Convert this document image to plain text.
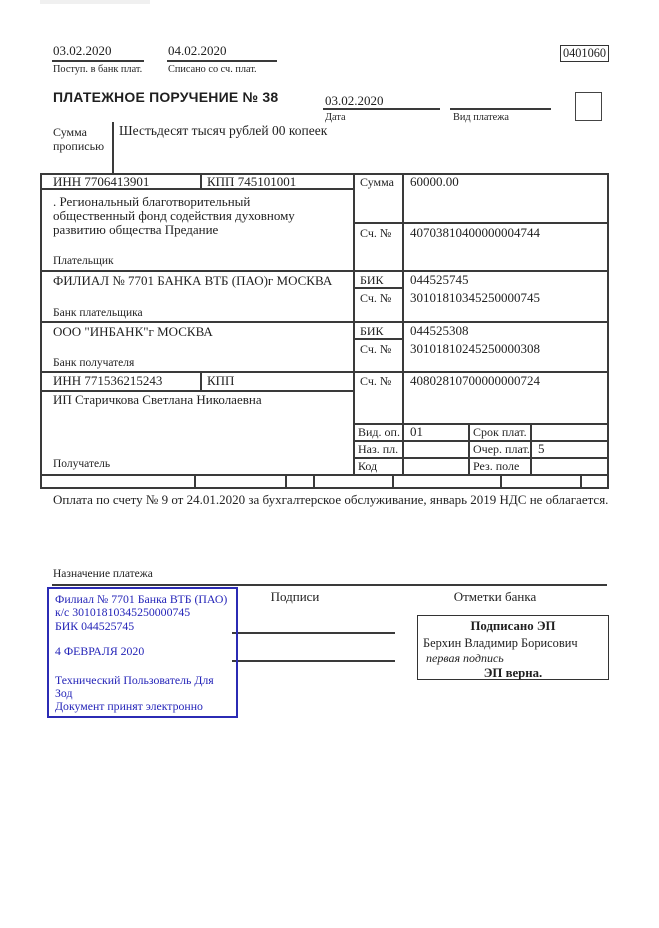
03.02.2020
Поступ. в банк плат.
04.02.2020
Списано со сч. плат.
0401060
ПЛАТЕЖНОЕ ПОРУЧЕНИЕ № 38	03.02.2020
Дата	Вид платежа
Сумма
прописью
Шестьдесят тысяч рублей 00 копеек
ИНН 7706413901	КПП 745101001	Сумма 60000.00
. Региональный благотворительный
общественный фонд содействия духовному
развитию общества Предание	Сч. № 40703810400000004744
Плательщик
ФИЛИАЛ № 7701 БАНКА ВТБ (ПАО)г МОСКВА БИК 044525745
Сч. № 30101810345250000745
Банк плательщика
ООО "ИНБАНК"г МОСКВА	БИК 044525308
Сч. № 30101810245250000308
Банк получателя
ИНН 771536215243	КПП	Сч. № 40802810700000000724
ИП Старичкова Светлана Николаевна
Вид. оп. 01	Срок плат.
Наз. пл.	Очер. плат. 5
Код	Рез. поле
Получатель
Оплата по счету № 9 от 24.01.2020 за бухгалтерское обслуживание, январь 2019 НДС не облагается.
Назначение платежа
Подписи	Отметки банка
Филиал № 7701 Банка ВТБ (ПАО)
к/с 30101810345250000745
БИК 044525745
4 ФЕВРАЛЯ 2020
Технический Пользователь Для
Зод
Документ принят электронно
Подписано ЭП
Берхин Владимир Борисович
первая подпись
ЭП верна.
